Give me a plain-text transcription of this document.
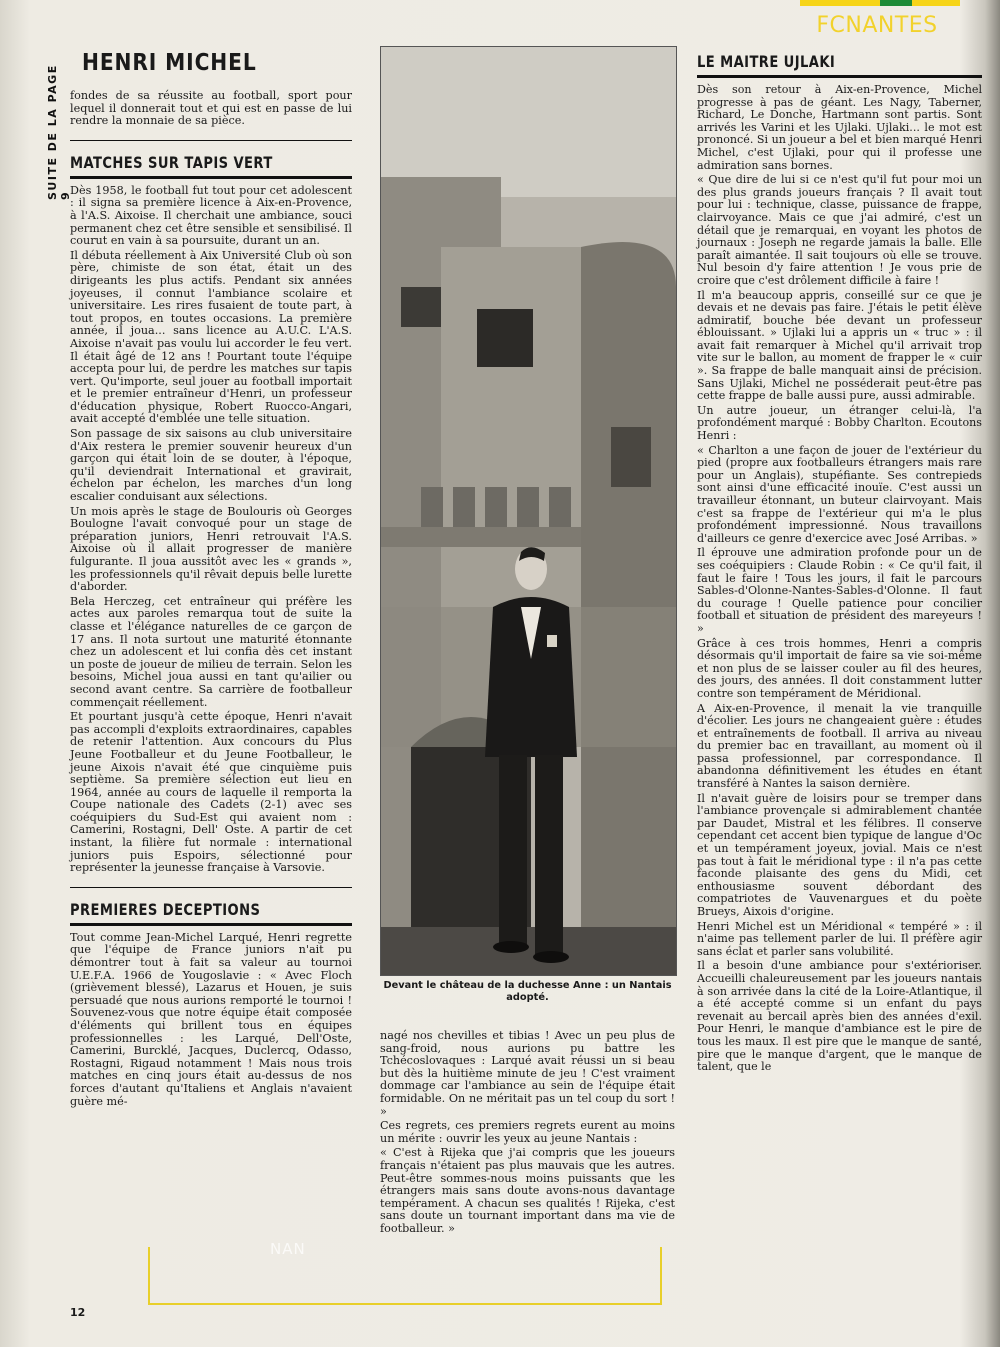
FCNANTES
SUITE DE LA PAGE 9
HENRI MICHEL

fondes de sa réussite au football, sport pour lequel il donnerait tout et qui est en passe de lui rendre la monnaie de sa pièce.

MATCHES SUR TAPIS VERT

Dès 1958, le football fut tout pour cet adolescent : il signa sa première licence à Aix-en-Provence, à l'A.S. Aixoise. Il cherchait une ambiance, souci permanent chez cet être sensible et sensibilisé. Il courut en vain à sa poursuite, durant un an.

Il débuta réellement à Aix Université Club où son père, chimiste de son état, était un des dirigeants les plus actifs. Pendant six années joyeuses, il connut l'ambiance scolaire et universitaire. Les rires fusaient de toute part, à tout propos, en toutes occasions. La première année, il joua... sans licence au A.U.C. L'A.S. Aixoise n'avait pas voulu lui accorder le feu vert. Il était âgé de 12 ans ! Pourtant toute l'équipe accepta pour lui, de perdre les matches sur tapis vert. Qu'importe, seul jouer au football importait et le premier entraîneur d'Henri, un professeur d'éducation physique, Robert Ruocco-Angari, avait accepté d'emblée une telle situation.

Son passage de six saisons au club universitaire d'Aix restera le premier souvenir heureux d'un garçon qui était loin de se douter, à l'époque, qu'il deviendrait International et gravirait, échelon par échelon, les marches d'un long escalier conduisant aux sélections.

Un mois après le stage de Boulouris où Georges Boulogne l'avait convoqué pour un stage de préparation juniors, Henri retrouvait l'A.S. Aixoise où il allait progresser de manière fulgurante. Il joua aussitôt avec les « grands », les professionnels qu'il rêvait depuis belle lurette d'aborder.

Bela Herczeg, cet entraîneur qui préfère les actes aux paroles remarqua tout de suite la classe et l'élégance naturelles de ce garçon de 17 ans. Il nota surtout une maturité étonnante chez un adolescent et lui confia dès cet instant un poste de joueur de milieu de terrain. Selon les besoins, Michel joua aussi en tant qu'ailier ou second avant centre. Sa carrière de footballeur commençait réellement.

Et pourtant jusqu'à cette époque, Henri n'avait pas accompli d'exploits extraordinaires, capables de retenir l'attention. Aux concours du Plus Jeune Footballeur et du Jeune Footballeur, le jeune Aixois n'avait été que cinquième puis septième. Sa première sélection eut lieu en 1964, année au cours de laquelle il remporta la Coupe nationale des Cadets (2-1) avec ses coéquipiers du Sud-Est qui avaient nom : Camerini, Rostagni, Dell' Oste. A partir de cet instant, la filière fut normale : international juniors puis Espoirs, sélectionné pour représenter la jeunesse française à Varsovie.

PREMIERES DECEPTIONS

Tout comme Jean-Michel Larqué, Henri regrette que l'équipe de France juniors n'ait pu démontrer tout à fait sa valeur au tournoi U.E.F.A. 1966 de Yougoslavie : « Avec Floch (grièvement blessé), Lazarus et Houen, je suis persuadé que nous aurions remporté le tournoi ! Souvenez-vous que notre équipe était composée d'éléments qui brillent tous en équipes professionnelles : les Larqué, Dell'Oste, Camerini, Burcklé, Jacques, Duclercq, Odasso, Rostagni, Rigaud notamment ! Mais nous trois matches en cinq jours était au-dessus de nos forces d'autant qu'Italiens et Anglais n'avaient guère mé-

Devant le château de la duchesse Anne : un Nantais adopté.

nagé nos chevilles et tibias ! Avec un peu plus de sang-froid, nous aurions pu battre les Tchécoslovaques : Larqué avait réussi un si beau but dès la huitième minute de jeu ! C'est vraiment dommage car l'ambiance au sein de l'équipe était formidable. On ne méritait pas un tel coup du sort ! »

Ces regrets, ces premiers regrets eurent au moins un mérite : ouvrir les yeux au jeune Nantais :

« C'est à Rijeka que j'ai compris que les joueurs français n'étaient pas plus mauvais que les autres. Peut-être sommes-nous moins puissants que les étrangers mais sans doute avons-nous davantage tempérament. A chacun ses qualités ! Rijeka, c'est sans doute un tournant important dans ma vie de footballeur. »

LE MAITRE UJLAKI

Dès son retour à Aix-en-Provence, Michel progresse à pas de géant. Les Nagy, Taberner, Richard, Le Donche, Hartmann sont partis. Sont arrivés les Varini et les Ujlaki. Ujlaki... le mot est prononcé. Si un joueur a bel et bien marqué Henri Michel, c'est Ujlaki, pour qui il professe une admiration sans bornes.

« Que dire de lui si ce n'est qu'il fut pour moi un des plus grands joueurs français ? Il avait tout pour lui : technique, classe, puissance de frappe, clairvoyance. Mais ce que j'ai admiré, c'est un détail que je remarquai, en voyant les photos de journaux : Joseph ne regarde jamais la balle. Elle paraît aimantée. Il sait toujours où elle se trouve. Nul besoin d'y faire attention ! Je vous prie de croire que c'est drôlement difficile à faire !

Il m'a beaucoup appris, conseillé sur ce que je devais et ne devais pas faire. J'étais le petit élève admiratif, bouche bée devant un professeur éblouissant. » Ujlaki lui a appris un « truc » : il avait fait remarquer à Michel qu'il arrivait trop vite sur le ballon, au moment de frapper le « cuir ». Sa frappe de balle manquait ainsi de précision. Sans Ujlaki, Michel ne posséderait peut-être pas cette frappe de balle aussi pure, aussi admirable.

Un autre joueur, un étranger celui-là, l'a profondément marqué : Bobby Charlton. Ecoutons Henri :

« Charlton a une façon de jouer de l'extérieur du pied (propre aux footballeurs étrangers mais rare pour un Anglais), stupéfiante. Ses contrepieds sont ainsi d'une efficacité inouïe. C'est aussi un travailleur étonnant, un buteur clairvoyant. Mais c'est sa frappe de l'extérieur qui m'a le plus profondément impressionné. Nous travaillons d'ailleurs ce genre d'exercice avec José Arribas. »

Il éprouve une admiration profonde pour un de ses coéquipiers : Claude Robin : « Ce qu'il fait, il faut le faire ! Tous les jours, il fait le parcours Sables-d'Olonne-Nantes-Sables-d'Olonne. Il faut du courage ! Quelle patience pour concilier football et situation de président des mareyeurs ! »

Grâce à ces trois hommes, Henri a compris désormais qu'il importait de faire sa vie soi-même et non plus de se laisser couler au fil des heures, des jours, des années. Il doit constamment lutter contre son tempérament de Méridional.

A Aix-en-Provence, il menait la vie tranquille d'écolier. Les jours ne changeaient guère : études et entraînements de football. Il arriva au niveau du premier bac en travaillant, au moment où il passa professionnel, par correspondance. Il abandonna définitivement les études en étant transféré à Nantes la saison dernière.

Il n'avait guère de loisirs pour se tremper dans l'ambiance provençale si admirablement chantée par Daudet, Mistral et les félibres. Il conserve cependant cet accent bien typique de langue d'Oc et un tempérament joyeux, jovial. Mais ce n'est pas tout à fait le méridional type : il n'a pas cette faconde plaisante des gens du Midi, cet enthousiasme souvent débordant des compatriotes de Vauvenargues et du poète Brueys, Aixois d'origine.

Henri Michel est un Méridional « tempéré » : il n'aime pas tellement parler de lui. Il préfère agir sans éclat et parler sans volubilité.

Il a besoin d'une ambiance pour s'extérioriser. Accueilli chaleureusement par les joueurs nantais à son arrivée dans la cité de la Loire-Atlantique, il a été accepté comme si un enfant du pays revenait au bercail après bien des années d'exil. Pour Henri, le manque d'ambiance est le pire de tous les maux. Il est pire que le manque de santé, pire que le manque d'argent, que le manque de talent, que le

NAN
12
